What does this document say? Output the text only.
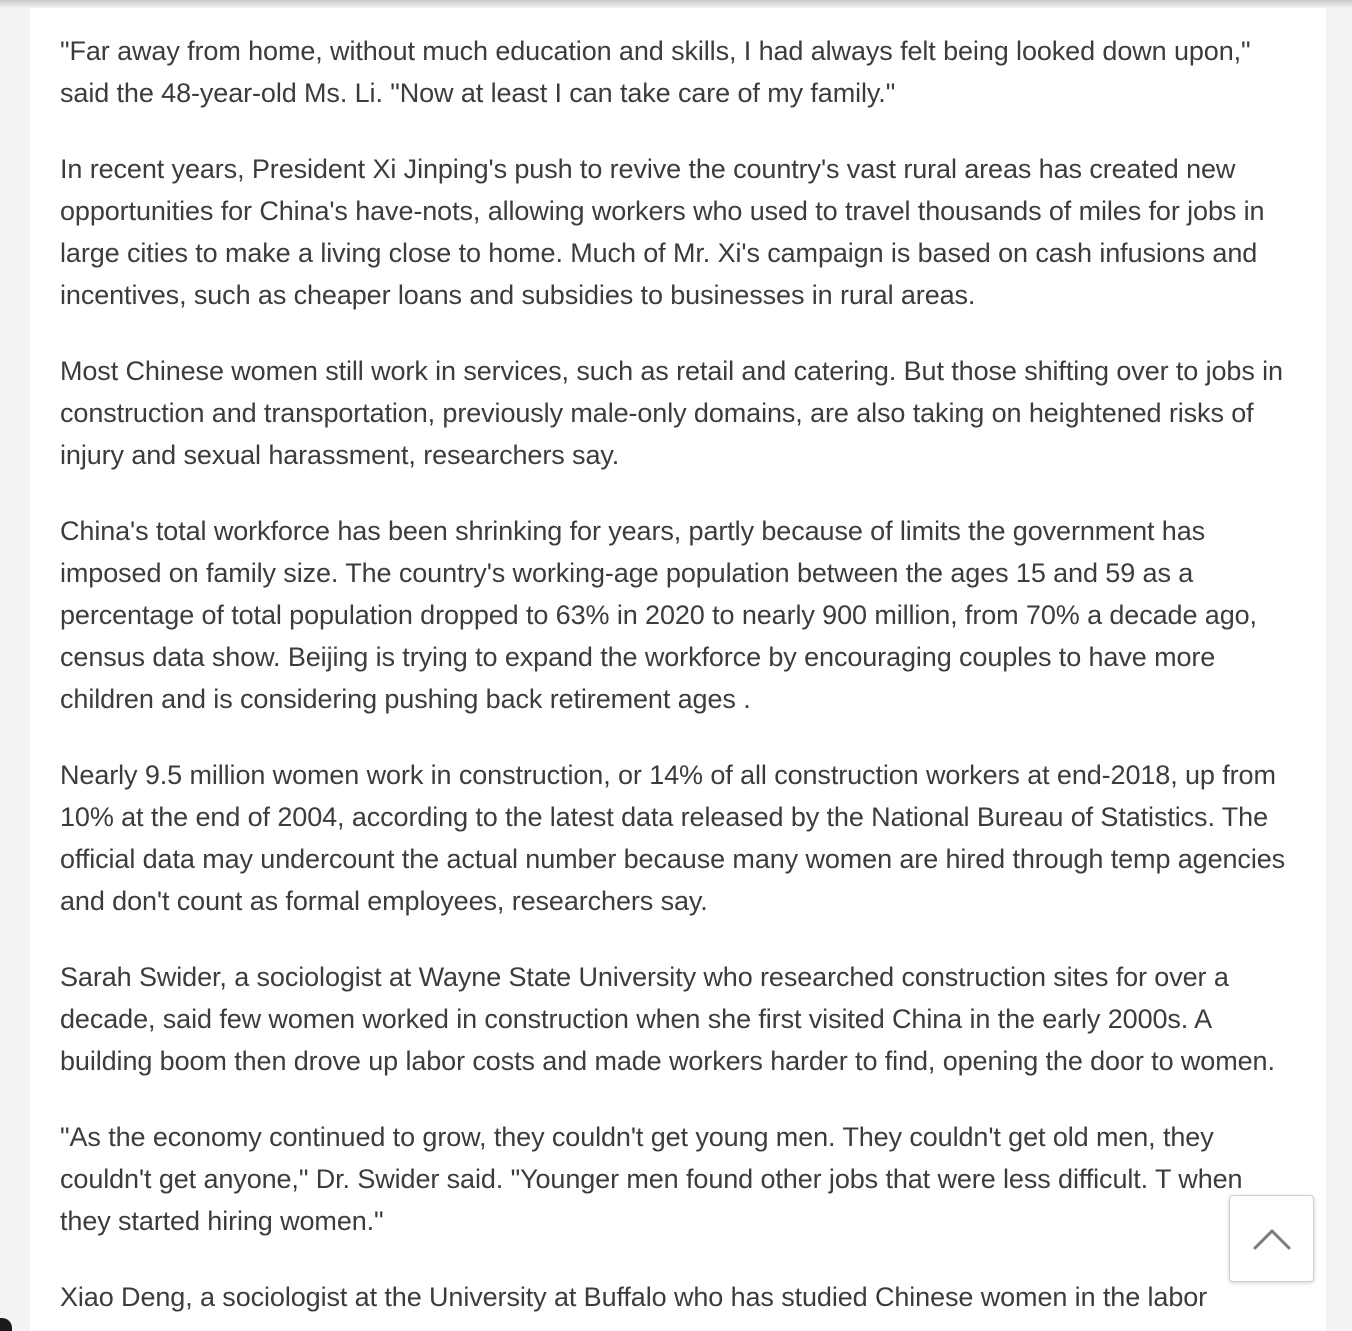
"Far away from home, without much education and skills, I had always felt being looked down upon," said the 48-year-old Ms. Li. "Now at least I can take care of my family."

In recent years, President Xi Jinping's push to revive the country's vast rural areas has created new opportunities for China's have-nots, allowing workers who used to travel thousands of miles for jobs in large cities to make a living close to home. Much of Mr. Xi's campaign is based on cash infusions and incentives, such as cheaper loans and subsidies to businesses in rural areas.

Most Chinese women still work in services, such as retail and catering. But those shifting over to jobs in construction and transportation, previously male-only domains, are also taking on heightened risks of injury and sexual harassment, researchers say.

China's total workforce has been shrinking for years, partly because of limits the government has imposed on family size. The country's working-age population between the ages 15 and 59 as a percentage of total population dropped to 63% in 2020 to nearly 900 million, from 70% a decade ago, census data show. Beijing is trying to expand the workforce by encouraging couples to have more children and is considering pushing back retirement ages .

Nearly 9.5 million women work in construction, or 14% of all construction workers at end-2018, up from 10% at the end of 2004, according to the latest data released by the National Bureau of Statistics. The official data may undercount the actual number because many women are hired through temp agencies and don't count as formal employees, researchers say.

Sarah Swider, a sociologist at Wayne State University who researched construction sites for over a decade, said few women worked in construction when she first visited China in the early 2000s. A building boom then drove up labor costs and made workers harder to find, opening the door to women.

"As the economy continued to grow, they couldn't get young men. They couldn't get old men, they couldn't get anyone," Dr. Swider said. "Younger men found other jobs that were less difficult. T when they started hiring women."

Xiao Deng, a sociologist at the University at Buffalo who has studied Chinese women in the labor
